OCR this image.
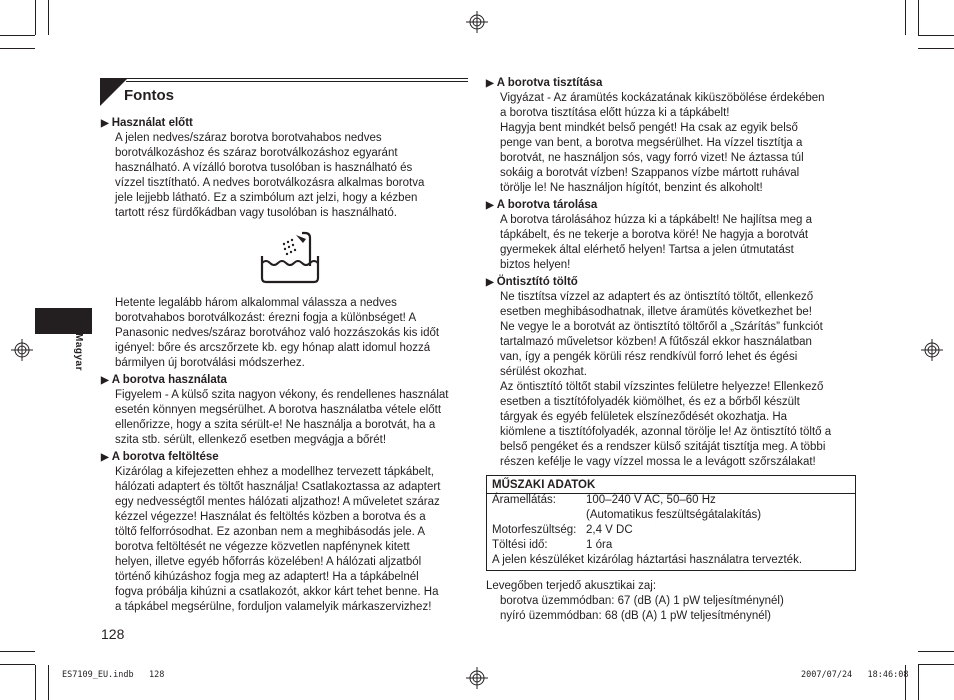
Magyar
Fontos
▶ Használat előtt
A jelen nedves/száraz borotva borotvahabos nedves
borotválkozáshoz és száraz borotválkozáshoz egyaránt
használható. A vízálló borotva tusolóban is használható és
vízzel tisztítható. A nedves borotválkozásra alkalmas borotva
jele lejjebb látható. Ez a szimbólum azt jelzi, hogy a kézben
tartott rész fürdőkádban vagy tusolóban is használható.
Hetente legalább három alkalommal válassza a nedves
borotvahabos borotválkozást: érezni fogja a különbséget! A
Panasonic nedves/száraz borotvához való hozzászokás kis időt
igényel: bőre és arcszőrzete kb. egy hónap alatt idomul hozzá
bármilyen új borotválási módszerhez.
▶ A borotva használata
Figyelem - A külső szita nagyon vékony, és rendellenes használat
esetén könnyen megsérülhet. A borotva használatba vétele előtt
ellenőrizze, hogy a szita sérült-e! Ne használja a borotvát, ha a
szita stb. sérült, ellenkező esetben megvágja a bőrét!
▶ A borotva feltöltése
Kizárólag a kifejezetten ehhez a modellhez tervezett tápkábelt,
hálózati adaptert és töltőt használja! Csatlakoztassa az adaptert
egy nedvességtől mentes hálózati aljzathoz! A műveletet száraz
kézzel végezze! Használat és feltöltés közben a borotva és a
töltő felforrósodhat. Ez azonban nem a meghibásodás jele. A
borotva feltöltését ne végezze közvetlen napfénynek kitett
helyen, illetve egyéb hőforrás közelében! A hálózati aljzatból
történő kihúzáshoz fogja meg az adaptert! Ha a tápkábelnél
fogva próbálja kihúzni a csatlakozót, akkor kárt tehet benne. Ha
a tápkábel megsérülne, forduljon valamelyik márkaszervizhez!
128
▶ A borotva tisztítása
Vigyázat - Az áramütés kockázatának kiküszöbölése érdekében
a borotva tisztítása előtt húzza ki a tápkábelt!
Hagyja bent mindkét belső pengét! Ha csak az egyik belső
penge van bent, a borotva megsérülhet. Ha vízzel tisztítja a
borotvát, ne használjon sós, vagy forró vizet! Ne áztassa túl
sokáig a borotvát vízben! Szappanos vízbe mártott ruhával
törölje le! Ne használjon hígítót, benzint és alkoholt!
▶ A borotva tárolása
A borotva tárolásához húzza ki a tápkábelt! Ne hajlítsa meg a
tápkábelt, és ne tekerje a borotva köré! Ne hagyja a borotvát
gyermekek által elérhető helyen! Tartsa a jelen útmutatást
biztos helyen!
▶ Öntisztító töltő
Ne tisztítsa vízzel az adaptert és az öntisztító töltőt, ellenkező
esetben meghibásodhatnak, illetve áramütés következhet be!
Ne vegye le a borotvát az öntisztító töltőről a „Szárítás” funkciót
tartalmazó műveletsor közben! A fűtőszál ekkor használatban
van, így a pengék körüli rész rendkívül forró lehet és égési
sérülést okozhat.
Az öntisztító töltőt stabil vízszintes felületre helyezze! Ellenkező
esetben a tisztítófolyadék kiömölhet, és ez a bőrből készült
tárgyak és egyéb felületek elszíneződését okozhatja. Ha
kiömlene a tisztítófolyadék, azonnal törölje le! Az öntisztító töltő a
belső pengéket és a rendszer külső szitáját tisztítja meg. A többi
részen kefélje le vagy vízzel mossa le a levágott szőrszálakat!
MŰSZAKI ADATOK
Áramellátás:	100–240 V AC, 50–60 Hz
(Automatikus feszültségátalakítás)
Motorfeszültség: 2,4 V DC
Töltési idő:	1 óra
A jelen készüléket kizárólag háztartási használatra tervezték.
Levegőben terjedő akusztikai zaj:
borotva üzemmódban: 67 (dB (A) 1 pW teljesítménynél)
nyíró üzemmódban: 68 (dB (A) 1 pW teljesítménynél)
ES7109_EU.indb   128	2007/07/24   18:46:08
